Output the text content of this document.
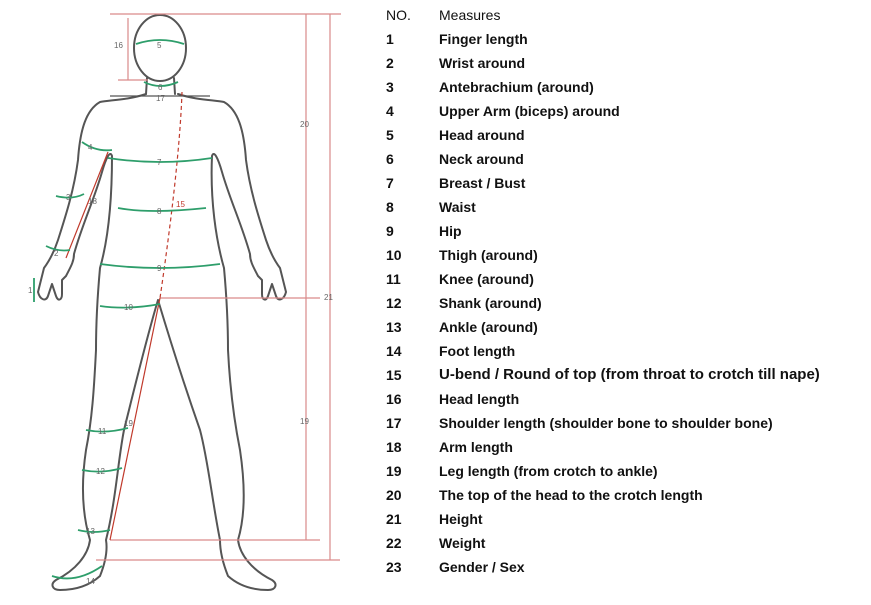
1
2
3
4
5
6
7
8
9
10
11
12
13
14
15
16
17
18
19
20
19
21
NO. Measures
1	Finger length
2	Wrist around
3	Antebrachium (around)
4	Upper Arm (biceps) around
5	Head around
6	Neck around
7	Breast / Bust
8	Waist
9	Hip
10	Thigh (around)
11	Knee (around)
12	Shank (around)
13	Ankle (around)
14	Foot length
15 U-bend / Round of top (from throat to crotch till nape)
16	Head length
17	Shoulder length (shoulder bone to shoulder bone)
18	Arm length
19	Leg length (from crotch to ankle)
20	The top of the head to the crotch length
21	Height
22	Weight
23	Gender / Sex
